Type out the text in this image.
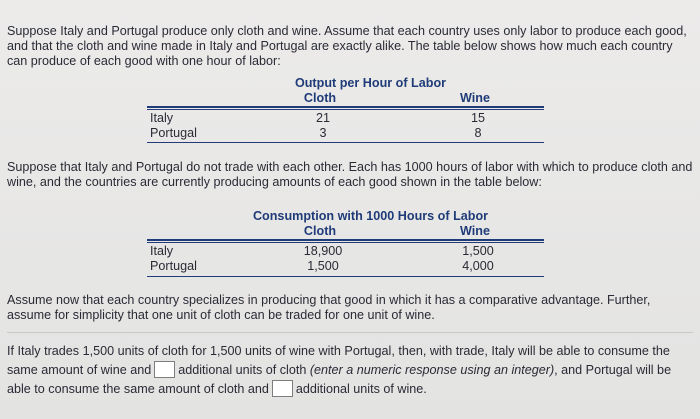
Suppose Italy and Portugal produce only cloth and wine. Assume that each country uses only labor to produce each good, and that the cloth and wine made in Italy and Portugal are exactly alike. The table below shows how much each country can produce of each good with one hour of labor:

Output per Hour of Labor
Cloth	Wine
Italy	21	15
Portugal	3	8

Suppose that Italy and Portugal do not trade with each other. Each has 1000 hours of labor with which to produce cloth and wine, and the countries are currently producing amounts of each good shown in the table below:

Consumption with 1000 Hours of Labor
Cloth	Wine
Italy	18,900	1,500
Portugal	1,500	4,000

Assume now that each country specializes in producing that good in which it has a comparative advantage. Further, assume for simplicity that one unit of cloth can be traded for one unit of wine.

If Italy trades 1,500 units of cloth for 1,500 units of wine with Portugal, then, with trade, Italy will be able to consume the same amount of wine and additional units of cloth (enter a numeric response using an integer), and Portugal will be able to consume the same amount of cloth and additional units of wine.
